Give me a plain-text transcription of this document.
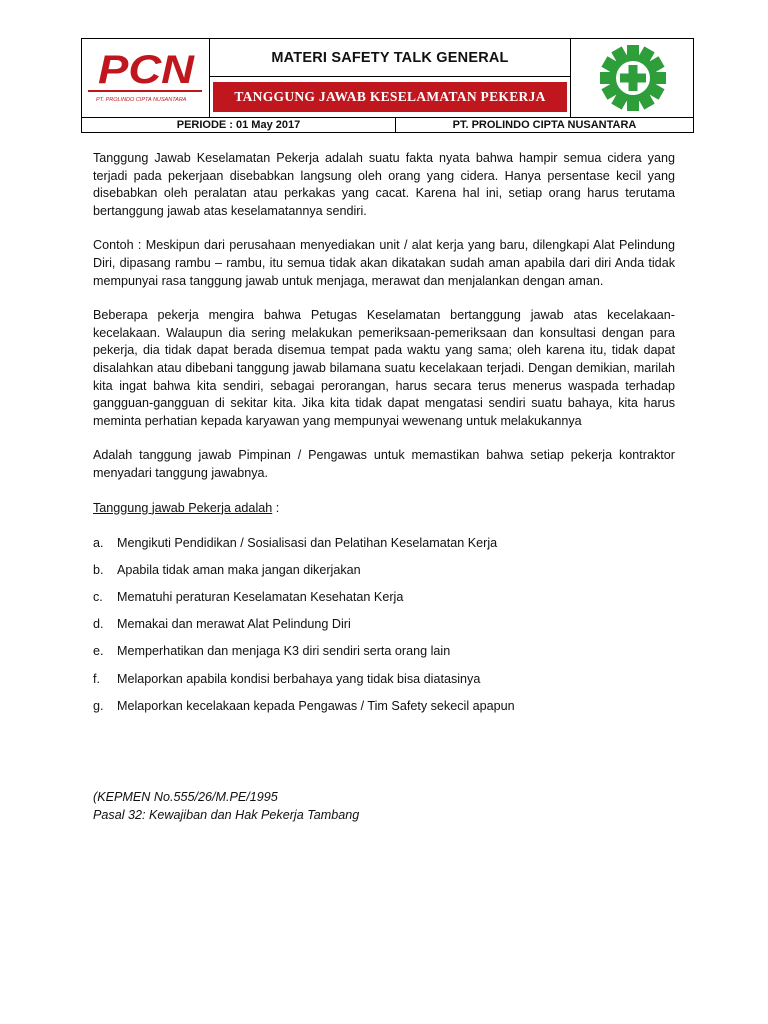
PCN
PT. PROLINDO CIPTA NUSANTARA
MATERI SAFETY TALK GENERAL
TANGGUNG JAWAB KESELAMATAN PEKERJA
PERIODE : 01 May 2017	PT. PROLINDO CIPTA NUSANTARA

Tanggung Jawab Keselamatan Pekerja adalah suatu fakta nyata bahwa hampir semua cidera yang terjadi pada pekerjaan disebabkan langsung oleh orang yang cidera. Hanya persentase kecil yang disebabkan oleh peralatan atau perkakas yang cacat. Karena hal ini, setiap orang harus terutama bertanggung jawab atas keselamatannya sendiri.

Contoh : Meskipun dari perusahaan menyediakan unit / alat kerja yang baru, dilengkapi Alat Pelindung Diri, dipasang rambu – rambu, itu semua tidak akan dikatakan sudah aman apabila dari diri Anda tidak mempunyai rasa tanggung jawab untuk menjaga, merawat dan menjalankan dengan aman.

Beberapa pekerja mengira bahwa Petugas Keselamatan bertanggung jawab atas kecelakaan-kecelakaan. Walaupun dia sering melakukan pemeriksaan-pemeriksaan dan konsultasi dengan para pekerja, dia tidak dapat berada disemua tempat pada waktu yang sama; oleh karena itu, tidak dapat disalahkan atau dibebani tanggung jawab bilamana suatu kecelakaan terjadi. Dengan demikian, marilah kita ingat bahwa kita sendiri, sebagai perorangan, harus secara terus menerus waspada terhadap gangguan-gangguan di sekitar kita. Jika kita tidak dapat mengatasi sendiri suatu bahaya, kita harus meminta perhatian kepada karyawan yang mempunyai wewenang untuk melakukannya

Adalah tanggung jawab Pimpinan / Pengawas untuk memastikan bahwa setiap pekerja kontraktor menyadari tanggung jawabnya.

Tanggung jawab Pekerja adalah :
a.	Mengikuti Pendidikan / Sosialisasi dan Pelatihan Keselamatan Kerja
b.	Apabila tidak aman maka jangan dikerjakan
c.	Mematuhi peraturan Keselamatan Kesehatan Kerja
d.	Memakai dan merawat Alat Pelindung Diri
e.	Memperhatikan dan menjaga K3 diri sendiri serta orang lain
f.	Melaporkan apabila kondisi berbahaya yang tidak bisa diatasinya
g.	Melaporkan kecelakaan kepada Pengawas / Tim Safety sekecil apapun
(KEPMEN No.555/26/M.PE/1995
Pasal 32: Kewajiban dan Hak Pekerja Tambang
